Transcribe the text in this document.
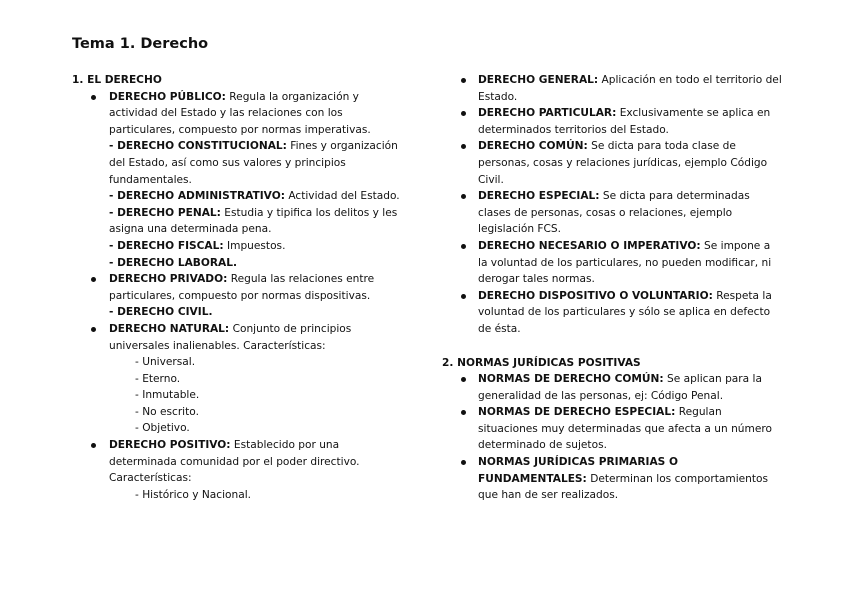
Tema 1. Derecho

1. EL DERECHO

DERECHO PÚBLICO: Regula la organización y actividad del Estado y las relaciones con los particulares, compuesto por normas imperativas.
- DERECHO CONSTITUCIONAL: Fines y organización del Estado, así como sus valores y principios fundamentales.
- DERECHO ADMINISTRATIVO: Actividad del Estado.
- DERECHO PENAL: Estudia y tipifica los delitos y les asigna una determinada pena.
- DERECHO FISCAL: Impuestos.
- DERECHO LABORAL.
DERECHO PRIVADO: Regula las relaciones entre particulares, compuesto por normas dispositivas.
- DERECHO CIVIL.
DERECHO NATURAL: Conjunto de principios universales inalienables. Características:
- Universal.
- Eterno.
- Inmutable.
- No escrito.
- Objetivo.
DERECHO POSITIVO: Establecido por una determinada comunidad por el poder directivo. Características:
- Histórico y Nacional.
DERECHO GENERAL: Aplicación en todo el territorio del Estado.
DERECHO PARTICULAR: Exclusivamente se aplica en determinados territorios del Estado.
DERECHO COMÚN: Se dicta para toda clase de personas, cosas y relaciones jurídicas, ejemplo Código Civil.
DERECHO ESPECIAL: Se dicta para determinadas clases de personas, cosas o relaciones, ejemplo legislación FCS.
DERECHO NECESARIO O IMPERATIVO: Se impone a la voluntad de los particulares, no pueden modificar, ni derogar tales normas.
DERECHO DISPOSITIVO O VOLUNTARIO: Respeta la voluntad de los particulares y sólo se aplica en defecto de ésta.

2. NORMAS JURÍDICAS POSITIVAS

NORMAS DE DERECHO COMÚN: Se aplican para la generalidad de las personas, ej: Código Penal.
NORMAS DE DERECHO ESPECIAL: Regulan situaciones muy determinadas que afecta a un número determinado de sujetos.
NORMAS JURÍDICAS PRIMARIAS O FUNDAMENTALES: Determinan los comportamientos que han de ser realizados.
